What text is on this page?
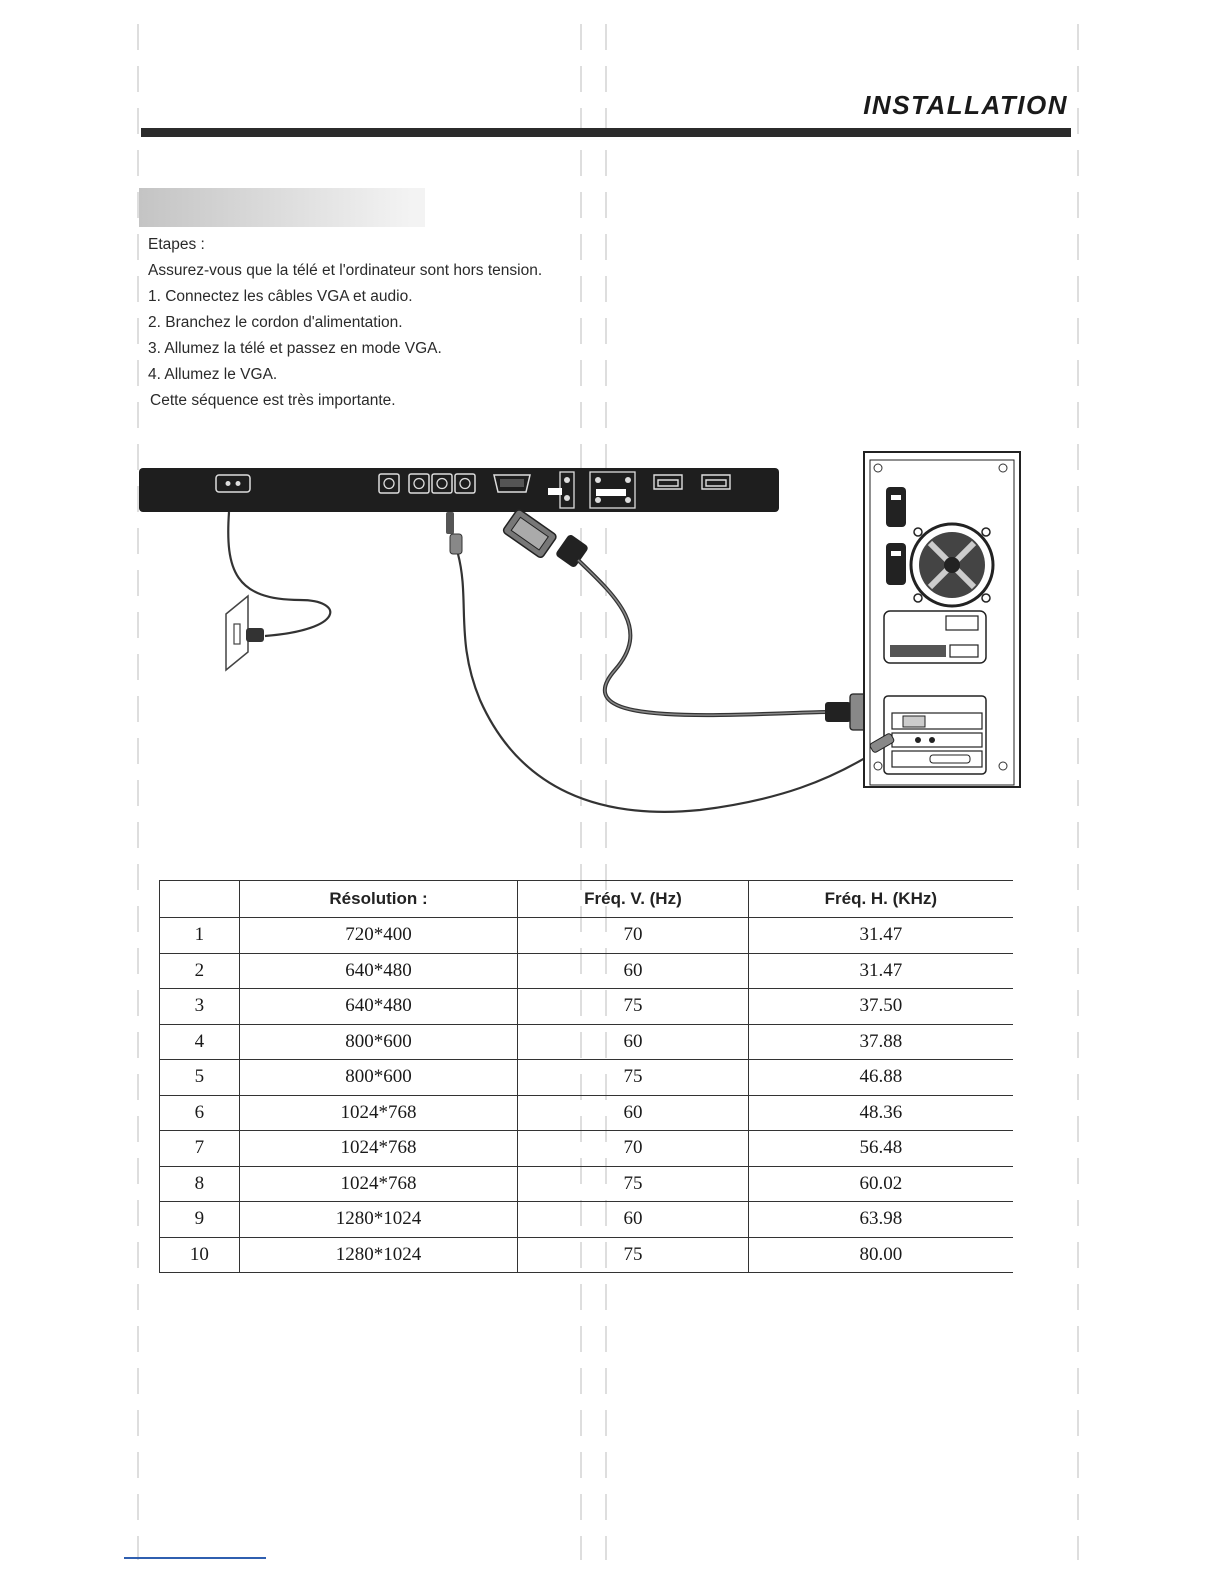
INSTALLATION
Etapes :
Assurez-vous que la télé et l'ordinateur sont hors tension.
1. Connectez les câbles VGA et audio.
2. Branchez le cordon d'alimentation.
3. Allumez la télé et passez en mode VGA.
4. Allumez le VGA.
Cette séquence est très importante.
	Résolution :	Fréq. V. (Hz)	Fréq. H. (KHz)
1	720*400	70	31.47
2	640*480	60	31.47
3	640*480	75	37.50
4	800*600	60	37.88
5	800*600	75	46.88
6	1024*768	60	48.36
7	1024*768	70	56.48
8	1024*768	75	60.02
9	1280*1024	60	63.98
10	1280*1024	75	80.00
